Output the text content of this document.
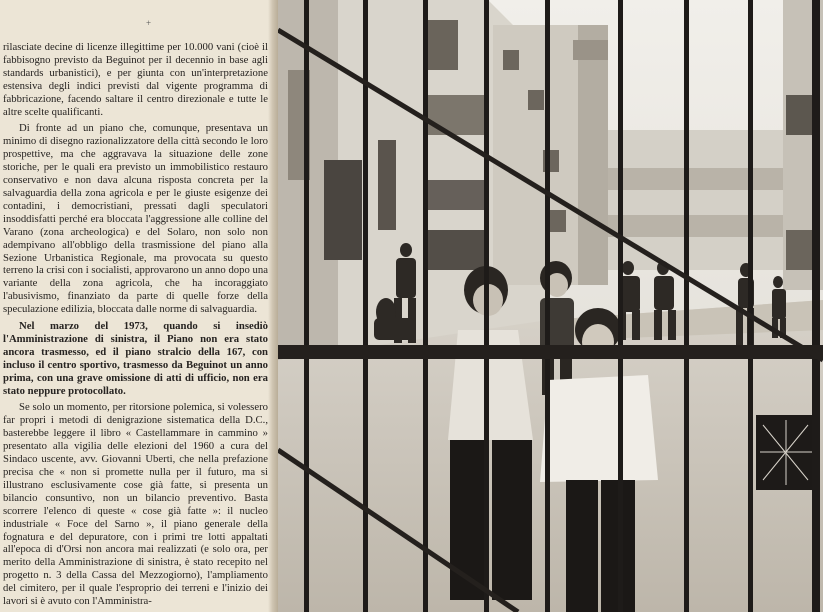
+

rilasciate decine di licenze illegittime per 10.000 vani (cioè il fabbisogno previsto da Beguinot per il decennio in base agli standards urbanistici), e per giunta con un'interpretazione estensiva degli indici previsti dal vigente programma di fabbricazione, facendo saltare il centro direzionale e tutte le altre scelte qualificanti.

Di fronte ad un piano che, comunque, presentava un minimo di disegno razionalizzatore della città secondo le loro prospettive, ma che aggravava la situazione delle zone storiche, per le quali era previsto un immobilistico restauro conservativo e non dava alcuna risposta concreta per la salvaguardia della zona agricola e per le giuste esigenze dei contadini, i democristiani, pressati dagli speculatori insoddisfatti perché era bloccata l'aggressione alle colline del Varano (zona archeologica) e del Solaro, non solo non adempivano all'obbligo della trasmissione del piano alla Sezione Urbanistica Regionale, ma provocata su questo terreno la crisi con i socialisti, approvarono un anno dopo una variante della zona agricola, che ha incoraggiato l'abusivismo, finanziato da parte di quelle forze della speculazione edilizia, bloccata dalle norme di salvaguardia.

Nel marzo del 1973, quando si insediò l'Amministrazione di sinistra, il Piano non era stato ancora trasmesso, ed il piano stralcio della 167, con incluso il centro sportivo, trasmesso da Beguinot un anno prima, con una grave omissione di atti di ufficio, non era stato neppure protocollato.

Se solo un momento, per ritorsione polemica, si volessero far propri i metodi di denigrazione sistematica della D.C., basterebbe leggere il libro « Castellammare in cammino » presentato alla vigilia delle elezioni del 1960 a cura del Sindaco uscente, avv. Giovanni Uberti, che nella prefazione precisa che « non si promette nulla per il futuro, ma si illustrano esclusivamente cose già fatte, si presenta un bilancio consuntivo, non un bilancio preventivo. Basta scorrere l'elenco di queste « cose già fatte »: il nucleo industriale « Foce del Sarno », il piano generale della fognatura e del depuratore, con i primi tre lotti appaltati all'epoca di d'Orsi non ancora mai realizzati (e solo ora, per merito della Amministrazione di sinistra, è stato recepito nel progetto n. 3 della Cassa del Mezzogiorno), l'ampliamento del cimitero, per il quale l'esproprio dei terreni e l'inizio dei lavori si è avuto con l'Amministra-
